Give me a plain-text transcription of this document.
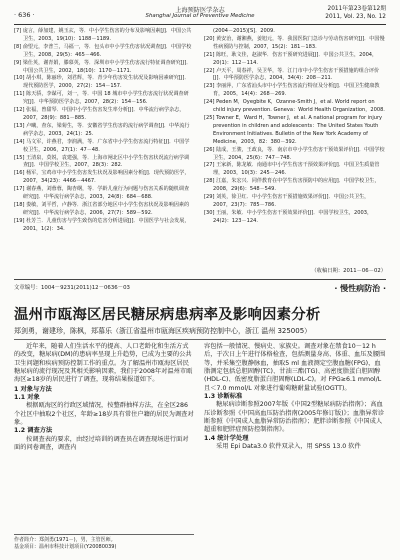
· 636 ·
上海预防医学杂志
Shanghai Journal of Preventive Medicine
2011年第23卷第12期
2011, Vol. 23, No. 12

[7] 庞言，薛加建，姚玉玄，等．中小学生伤害的分布及影响因素[J]．中国公共卫生，2003，19(10)：1188－1189.

[8] 俞望元，李普兰，马福一，等．包头市中小学生伤害状况调查[J]．中国学校卫生，2008，29(5)：465－466.

[9] 梁仕英，谢青娟，滕慕英，等．深圳市中小学生伤害流行特征调查研究[J]．中国公共卫生，2002，18(10)：1170－1171.

[10] 胡小琪，陈丽珍，刘君辉，等．青少年伤害发生状况及影响因素研究[J]．现代预防医学，2000，27(2)：154－157.

[11] 陈天骄，李谋可，刘一，等．中国 18 城市中小学生伤害流行状况调查研究[J]．中华预防医学杂志，2007，28(2)：154－156.

[12] 张福，曾甜琴．中国中小学生伤害发生率分析[J]．中华流行病学杂志，2007，28(9)：881－885.

[13] 卢曦，查东，梁菊生，等．安徽省学生伤害的流行病学调查[J]．中华流行病学杂志，2003，24(1)：25.

[14] 马文军，许燕君，李润满，等．广东省中小学生伤害流行特征[J]．中国学校卫生，2006，27(1)：47－48.

[15] 王清泉，莫锐，袁建强，等．上海市闸北区中小学生伤害状况流行病学调查[J]．中国学校卫生，2007，28(3)：282.

[16] 杨军，宝鸡市中小学生伤害发生状况及影响因素分析[J]．现代预防医学，2007，34(23)：4466－4467.

[17] 谢春燕，刘蓉蓉，陶杏纲，等．学龄儿童行为问题与伤害关系的随机调查研究[J]．中华流行病学杂志，2003，24(8)：684－688.

[18] 娄敏，刘平哲，卢静等．浙江省部分地区中小学生伤害状况及影响因素的研究[J]．中华流行病学杂志，2006，27(7)：589－592.

[19] 杜芳兰．儿童伤害与学生致伤的危害分析进展[J]．中国医学与社会发展，2001，1(2)：34.

(2004－2015)[S]．2009.

[20] 黄安治，谢湘燕，姜旭元，等．我国医院门急诊与劳动伤害研究[J]．中国慢性病预防与控制，2007，15(2)：181－183.

[21] 陈旺，耿文佳，赵淑华．伤害干预研究进展[J]．中国公共卫生，2004，20(1)：112－114.

[22] 卢天平，周春祥，吴卫华，等．江门市中小学生伤害干预措施的组合评价[J]．中华预防医学杂志，2004，34(4)：208－211.

[23] 李丽萍，广东省汕头市中小学生伤害流行特征及分析[J]．中国卫生健康教育，2005，14(4)：268－269.

[24] Peden M，Oyegbite K，Ozanne-Smith J，et al. World report on child injury prevention. Geneva：World Health Organization，2008.

[25] Towner E，Ward H，Towner J，et al. A national program for injury prevention in children and adolescents：The United States Youth Environment Initiatives. Bulletin of the New York Academy of Medicine，2003，82：380－392.

[26] 陆成，王骏，王政良，等．南京市中小学生伤害干预效果评价[J]．中国学校卫生，2004，25(6)：747－748.

[27] 王家新，陈龙敏．南通市中小学生伤害干预效果评价[J]．中国卫生质量管理，2003，10(3)：245－246.

[28] 江嘉，朱宏兴．同伴教育在中学生伤害预防中的应用[J]．中国学校卫生，2008，29(6)：548－549.

[29] 刘英，徐卫红．中小学生伤害干预措施效果评价[J]．中国公共卫生，2007，23(7)：785－786.

[30] 王丽，朱敏．中小学生伤害干预效果评价[J]．中国学校卫生，2003，24(2)：123－124.

（收稿日期：2011－06－02）
文章编号：1004－9231(2011)12－0636－03	· 慢性病防治 ·
温州市瓯海区居民糖尿病患病率及影响因素分析
郑剑勇，谢建珍，陈枫，郑慕乐（浙江省温州市瓯海区疾病预防控制中心，浙江 温州 325005）

近年来，随着人们生活水平的提高、人口老龄化和生活方式的改变，糖尿病(DM)的患病率呈现上升趋势，已成为主要的公共卫生问题和疾病预防控制工作的重点。为了解温州市瓯海区居民糖尿病的流行现况及其相关影响因素，我们于2008年对温州市瓯海区≥18岁的居民进行了调查，现将结果报道如下。

1 对象与方法

1.1 对象

根据瓯海区的行政区域情况，按整群抽样方法，在全区286个社区中抽取2个社区，年龄≥18岁具有常住户籍的居民为调查对象。

1.2 调查方法

按调查表的要求，由经过培训的调查员在调查现场进行面对面的问卷调查，调查内

容包括一般情况、慢病史、家族史。调查对象在禁食10－12 h后，于次日上午进行体格检查，包括测量身高、体重、血压及腰围等，并采集空腹静脉血，抽取5 ml 血液测定空腹血糖(FPG)，血脂测定包括总胆固醇(TC)、甘油三酯(TG)、高密度脂蛋白胆固醇(HDL-C)、低密度脂蛋白胆固醇(LDL-C)。对 FPG≥6.1 mmol/L 且＜7.0 mmol/L 对象进行葡萄糖耐量试验(OGTT)。

1.3 诊断标准

糖尿病诊断参照2007年版《中国2型糖尿病防治指南》；高血压诊断参照《中国高血压防治指南(2005年修订版)》；血脂异常诊断参照《中国成人血脂异常防治指南》；肥胖诊断参照《中国成人超重和肥胖症预防控制指南》。

1.4 统计学处理

采用 Epi Data3.0 软件双录入，用 SPSS 13.0 软件

作者简介：郑剑勇(1971－)，男，主管医师。
基金项目：温州市科技计划项目(Y20080039)
